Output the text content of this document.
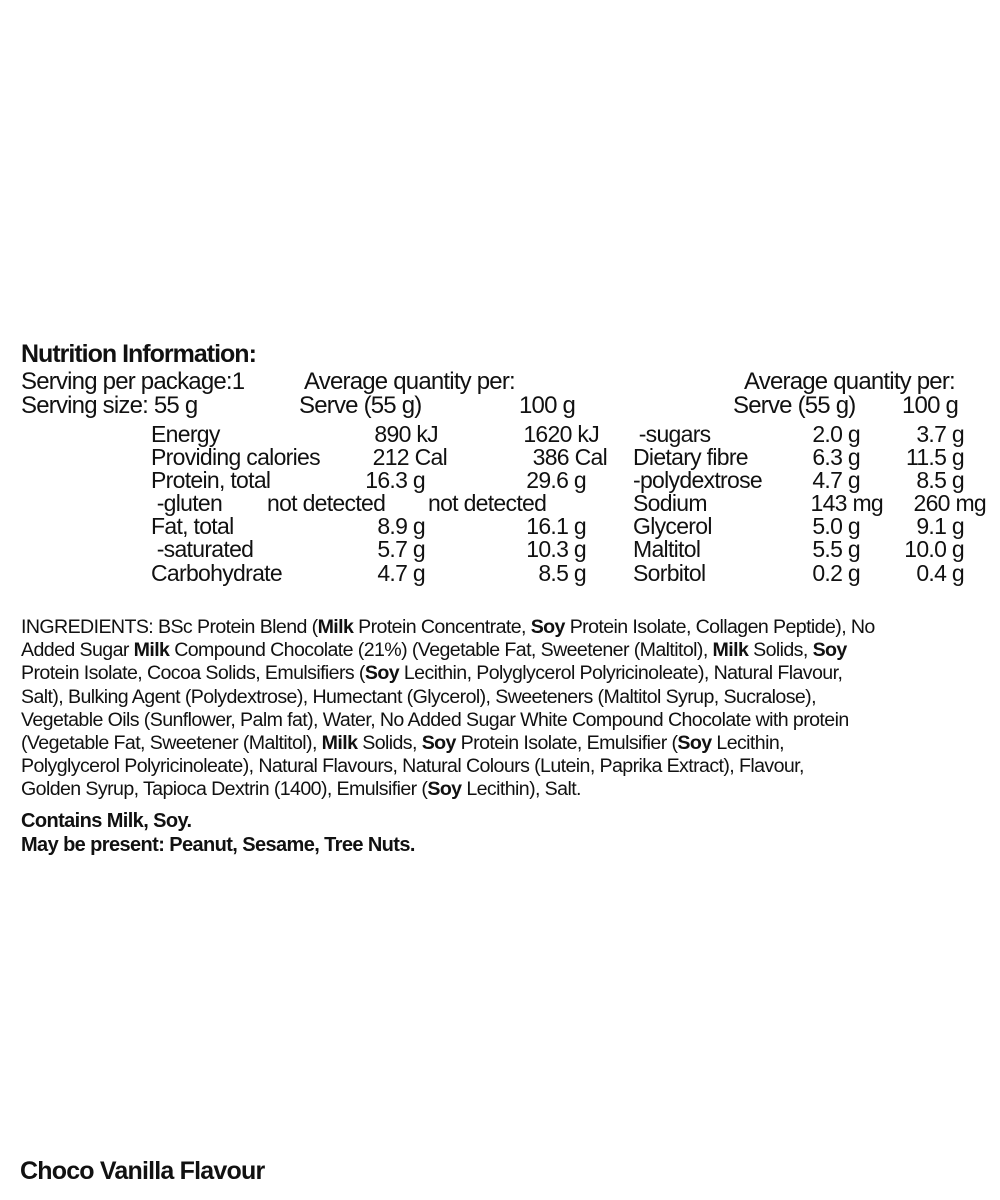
Nutrition Information:
Serving per package:1 Average quantity per:	Average quantity per:
Serving size: 55 g	Serve (55 g)	100 g	Serve (55 g) 100 g
Energy	890 kJ	1620 kJ
Providing calories 212 Cal	386 Cal
Protein, total	16.3 g	29.6 g
-gluten not detected not detected
Fat, total	8.9 g	16.1 g
-saturated	5.7 g	10.3 g
Carbohydrate	4.7 g	8.5 g
-sugars	2.0 g 3.7 g
Dietary fibre	6.3 g 11.5 g
-polydextrose 4.7 g 8.5 g
Sodium	143 mg 260 mg
Glycerol	5.0 g 9.1 g
Maltitol	5.5 g 10.0 g
Sorbitol	0.2 g 0.4 g
INGREDIENTS: BSc Protein Blend (Milk Protein Concentrate, Soy Protein Isolate, Collagen Peptide), No
Added Sugar Milk Compound Chocolate (21%) (Vegetable Fat, Sweetener (Maltitol), Milk Solids, Soy
Protein Isolate, Cocoa Solids, Emulsifiers (Soy Lecithin, Polyglycerol Polyricinoleate), Natural Flavour,
Salt), Bulking Agent (Polydextrose), Humectant (Glycerol), Sweeteners (Maltitol Syrup, Sucralose),
Vegetable Oils (Sunflower, Palm fat), Water, No Added Sugar White Compound Chocolate with protein
(Vegetable Fat, Sweetener (Maltitol), Milk Solids, Soy Protein Isolate, Emulsifier (Soy Lecithin,
Polyglycerol Polyricinoleate), Natural Flavours, Natural Colours (Lutein, Paprika Extract), Flavour,
Golden Syrup, Tapioca Dextrin (1400), Emulsifier (Soy Lecithin), Salt.
Contains Milk, Soy.
May be present: Peanut, Sesame, Tree Nuts.
Choco Vanilla Flavour
